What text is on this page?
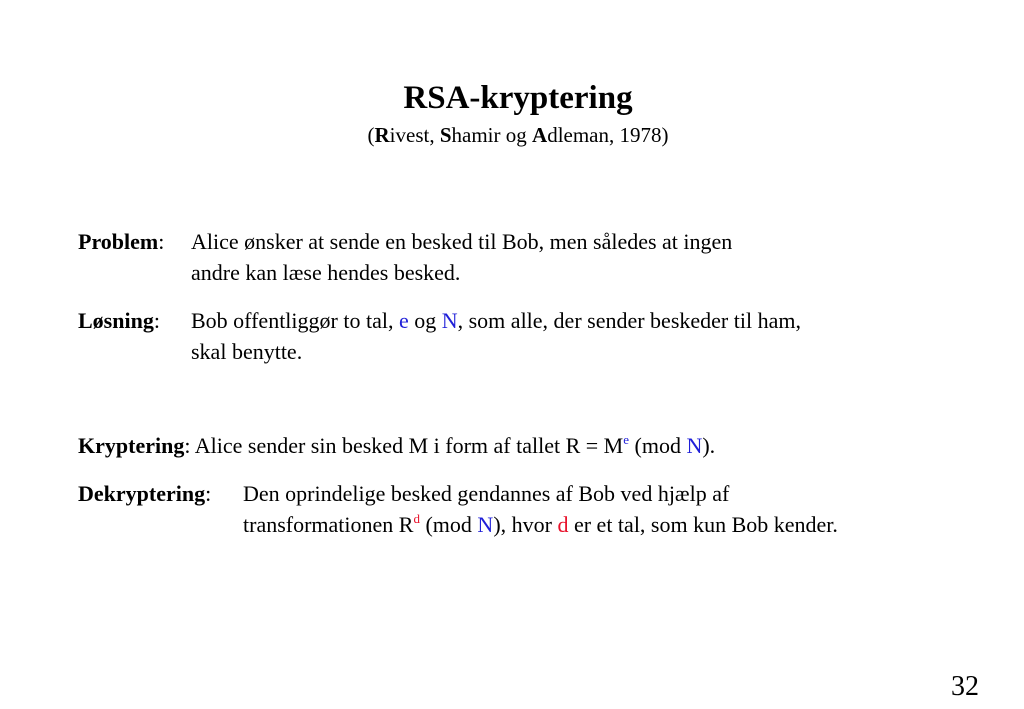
RSA-kryptering
(Rivest, Shamir og Adleman, 1978)
Problem: Alice ønsker at sende en besked til Bob, men således at ingen
andre kan læse hendes besked.
Løsning: Bob offentliggør to tal, e og N, som alle, der sender beskeder til ham,
skal benytte.
Kryptering: Alice sender sin besked M i form af tallet $R = M^e$ (mod N).
Dekryptering: Den oprindelige besked gendannes af Bob ved hjælp af
transformationen $R^d$ (mod N), hvor d er et tal, som kun Bob kender.
32
